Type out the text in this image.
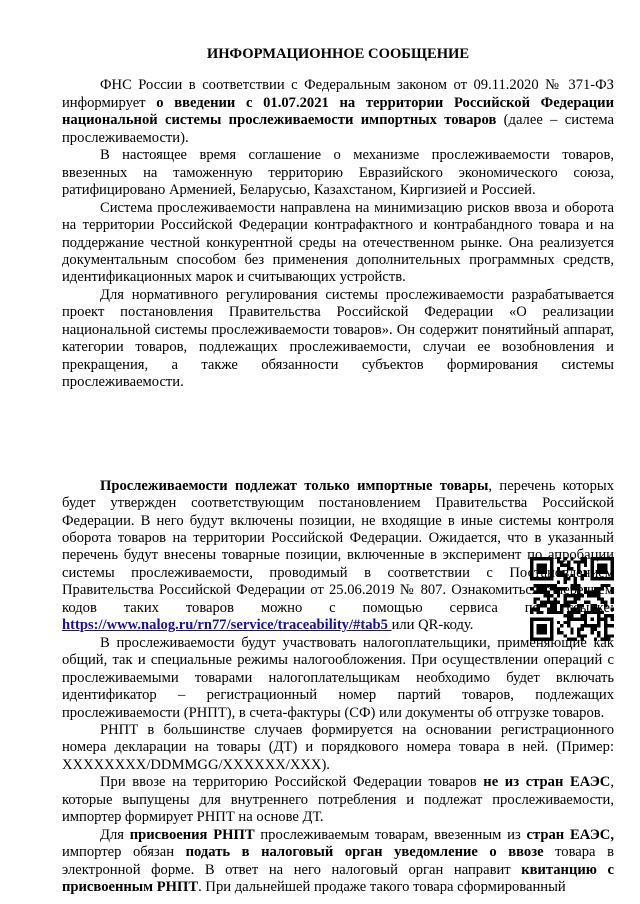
ИНФОРМАЦИОННОЕ СООБЩЕНИЕ

ФНС России в соответствии с Федеральным законом от 09.11.2020 № 371-ФЗ информирует о введении с 01.07.2021 на территории Российской Федерации национальной системы прослеживаемости импортных товаров (далее – система прослеживаемости).

В настоящее время соглашение о механизме прослеживаемости товаров, ввезенных на таможенную территорию Евразийского экономического союза, ратифицировано Арменией, Беларусью, Казахстаном, Киргизией и Россией.

Система прослеживаемости направлена на минимизацию рисков ввоза и оборота на территории Российской Федерации контрафактного и контрабандного товара и на поддержание честной конкурентной среды на отечественном рынке. Она реализуется документальным способом без применения дополнительных программных средств, идентификационных марок и считывающих устройств.

Для нормативного регулирования системы прослеживаемости разрабатывается проект постановления Правительства Российской Федерации «О реализации национальной системы прослеживаемости товаров». Он содержит понятийный аппарат, категории товаров, подлежащих прослеживаемости, случаи ее возобновления и прекращения, а также обязанности субъектов формирования системы прослеживаемости.

Прослеживаемости подлежат только импортные товары, перечень которых будет утвержден соответствующим постановлением Правительства Российской Федерации. В него будут включены позиции, не входящие в иные системы контроля оборота товаров на территории Российской Федерации. Ожидается, что в указанный перечень будут внесены товарные позиции, включенные в эксперимент по апробации системы прослеживаемости, проводимый в соответствии с Постановлением Правительства Российской Федерации от 25.06.2019 № 807. Ознакомиться с перечнем кодов таких товаров можно с помощью сервиса по ссылке: https://www.nalog.ru/rn77/service/traceability/#tab5 или QR-коду.

В прослеживаемости будут участвовать налогоплательщики, применяющие как общий, так и специальные режимы налогообложения. При осуществлении операций с прослеживаемыми товарами налогоплательщикам необходимо будет включать идентификатор – регистрационный номер партий товаров, подлежащих прослеживаемости (РНПТ), в счета-фактуры (СФ) или документы об отгрузке товаров.

РНПТ в большинстве случаев формируется на основании регистрационного номера декларации на товары (ДТ) и порядкового номера товара в ней. (Пример: XXXXXXXX/DDMMGG/XXXXXX/XXX).

При ввозе на территорию Российской Федерации товаров не из стран ЕАЭС, которые выпущены для внутреннего потребления и подлежат прослеживаемости, импортер формирует РНПТ на основе ДТ.

Для присвоения РНПТ прослеживаемым товарам, ввезенным из стран ЕАЭС, импортер обязан подать в налоговый орган уведомление о ввозе товара в электронной форме. В ответ на него налоговый орган направит квитанцию с присвоенным РНПТ. При дальнейшей продаже такого товара сформированный
